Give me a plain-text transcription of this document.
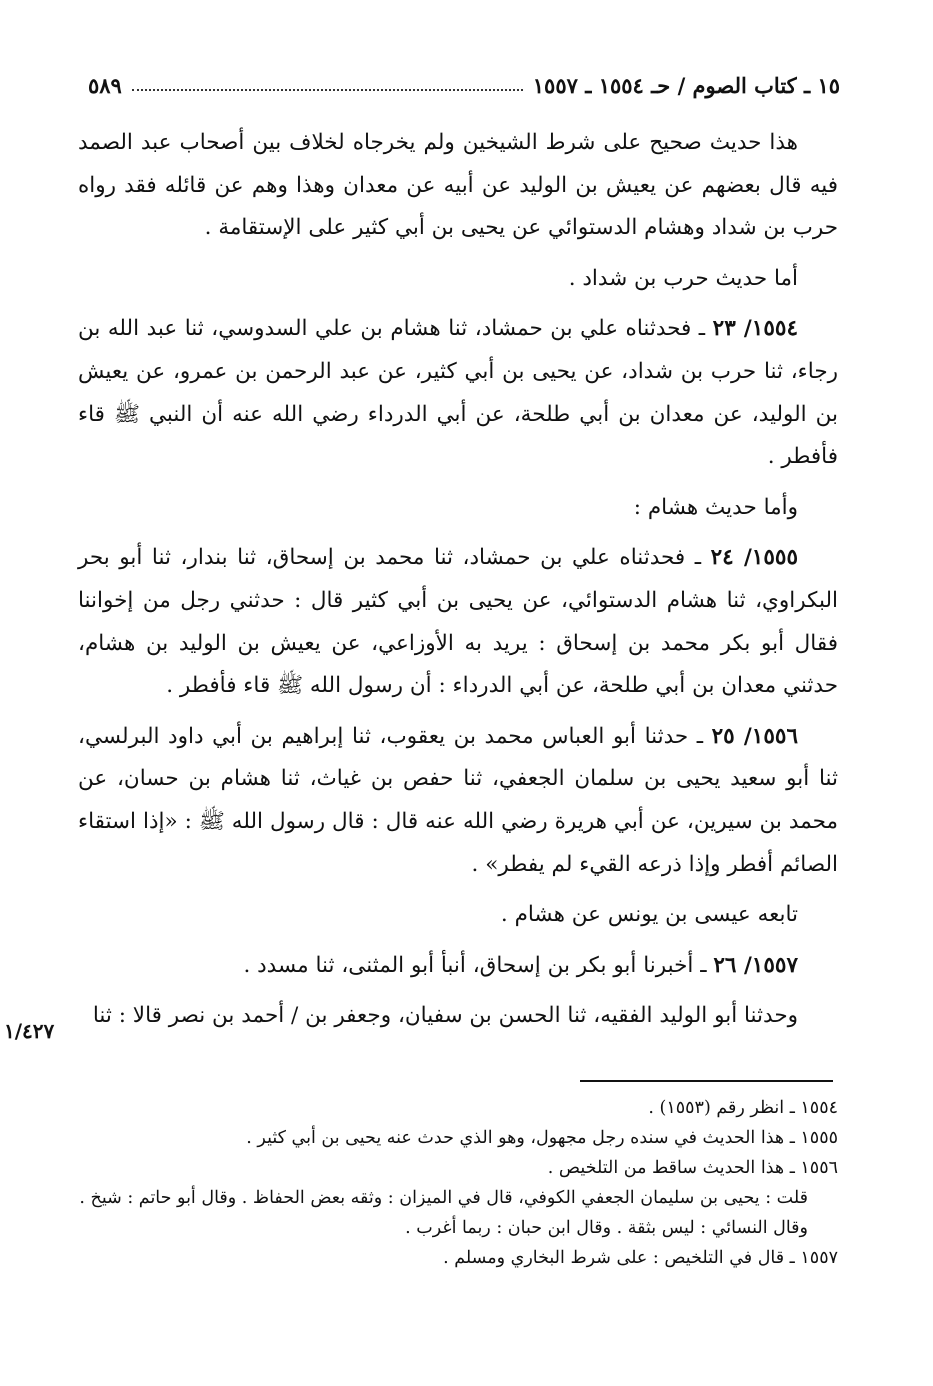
٥٨٩	١٥ ـ كتاب الصوم / حـ ١٥٥٤ ـ ١٥٥٧

هذا حديث صحيح على شرط الشيخين ولم يخرجاه لخلاف بين أصحاب عبد الصمد فيه قال بعضهم عن يعيش بن الوليد عن أبيه عن معدان وهذا وهم عن قائله فقد رواه حرب بن شداد وهشام الدستوائي عن يحيى بن أبي كثير على الإستقامة .

أما حديث حرب بن شداد .

١٥٥٤/ ٢٣ ـ فحدثناه علي بن حمشاد، ثنا هشام بن علي السدوسي، ثنا عبد الله بن رجاء، ثنا حرب بن شداد، عن يحيى بن أبي كثير، عن عبد الرحمن بن عمرو، عن يعيش بن الوليد، عن معدان بن أبي طلحة، عن أبي الدرداء رضي الله عنه أن النبي ﷺ قاء فأفطر .

وأما حديث هشام :

١٥٥٥/ ٢٤ ـ فحدثناه علي بن حمشاد، ثنا محمد بن إسحاق، ثنا بندار، ثنا أبو بحر البكراوي، ثنا هشام الدستوائي، عن يحيى بن أبي كثير قال : حدثني رجل من إخواننا فقال أبو بكر محمد بن إسحاق : يريد به الأوزاعي، عن يعيش بن الوليد بن هشام، حدثني معدان بن أبي طلحة، عن أبي الدرداء : أن رسول الله ﷺ قاء فأفطر .

١٥٥٦/ ٢٥ ـ حدثنا أبو العباس محمد بن يعقوب، ثنا إبراهيم بن أبي داود البرلسي، ثنا أبو سعيد يحيى بن سلمان الجعفي، ثنا حفص بن غياث، ثنا هشام بن حسان، عن محمد بن سيرين، عن أبي هريرة رضي الله عنه قال : قال رسول الله ﷺ : «إذا استقاء الصائم أفطر وإذا ذرعه القيء لم يفطر» .

تابعه عيسى بن يونس عن هشام .

١٥٥٧/ ٢٦ ـ أخبرنا أبو بكر بن إسحاق، أنبأ أبو المثنى، ثنا مسدد .

وحدثنا أبو الوليد الفقيه، ثنا الحسن بن سفيان، وجعفر بن / أحمد بن نصر قالا : ثنا

١/٤٢٧

١٥٥٤ ـ انظر رقم (١٥٥٣) .

١٥٥٥ ـ هذا الحديث في سنده رجل مجهول، وهو الذي حدث عنه يحيى بن أبي كثير .

١٥٥٦ ـ هذا الحديث ساقط من التلخيص .

قلت : يحيى بن سليمان الجعفي الكوفي، قال في الميزان : وثقه بعض الحفاظ . وقال أبو حاتم : شيخ . وقال النسائي : ليس بثقة . وقال ابن حبان : ربما أغرب .

١٥٥٧ ـ قال في التلخيص : على شرط البخاري ومسلم .
